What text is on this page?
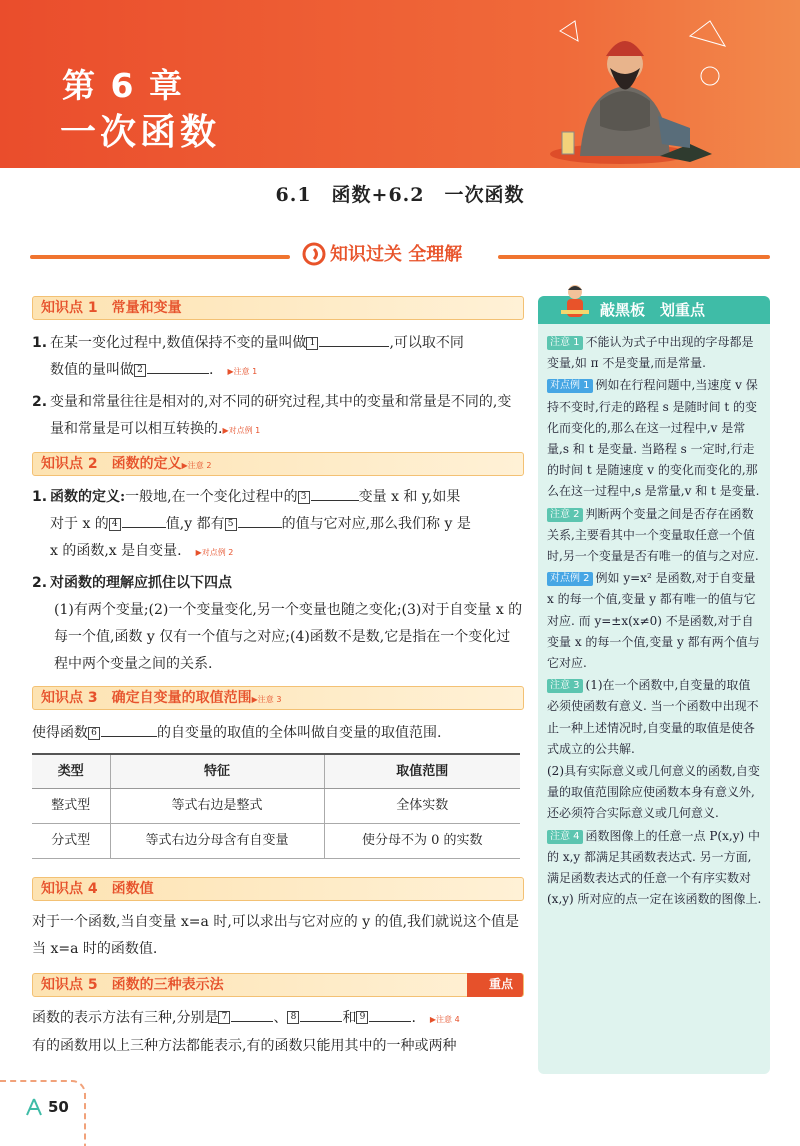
第 6 章
一次函数
6.1　函数+6.2　一次函数
知识过关 全理解
知识点 1　常量和变量
1. 在某一变化过程中,数值保持不变的量叫做 1	,可以取不同
数值的量叫做 2	.　▶注意 1
2. 变量和常量往往是相对的,对不同的研究过程,其中的变量和常量是不同的,变量和常量是可以相互转换的.▶对点例 1
知识点 2　函数的定义▶注意 2
1. 函数的定义:一般地,在一个变化过程中的 3	变量 x 和 y,如果
对于 x 的 4	值,y 都有 5	的值与它对应,那么我们称 y 是
x 的函数,x 是自变量.　 ▶对点例 2
2. 对函数的理解应抓住以下四点
(1)有两个变量;(2)一个变量变化,另一个变量也随之变化;(3)对于自变量 x 的每一个值,函数 y 仅有一个值与之对应;(4)函数不是数,它是指在一个变化过程中两个变量之间的关系.
知识点 3　确定自变量的取值范围▶注意 3
使得函数 6	的自变量的取值的全体叫做自变量的取值范围.
类型	特征	取值范围
整式型	等式右边是整式	全体实数
分式型	等式右边分母含有自变量	使分母不为 0 的实数
知识点 4　函数值
对于一个函数,当自变量 x=a 时,可以求出与它对应的 y 的值,我们就说这个值是当 x=a 时的函数值.
知识点 5　函数的三种表示法	重点
函数的表示方法有三种,分别是 7	、 8	和 9	.　 ▶注意 4
有的函数用以上三种方法都能表示,有的函数只能用其中的一种或两种
敲黑板　划重点

注意 1 不能认为式子中出现的字母都是变量,如 π 不是变量,而是常量.

对点例 1 例如在行程问题中,当速度 v 保持不变时,行走的路程 s 是随时间 t 的变化而变化的,那么在这一过程中,v 是常量,s 和 t 是变量. 当路程 s 一定时,行走的时间 t 是随速度 v 的变化而变化的,那么在这一过程中,s 是常量,v 和 t 是变量.

注意 2 判断两个变量之间是否存在函数关系,主要看其中一个变量取任意一个值时,另一个变量是否有唯一的值与之对应.

对点例 2 例如 y=x² 是函数,对于自变量 x 的每一个值,变量 y 都有唯一的值与它对应. 而 y=±x(x≠0) 不是函数,对于自变量 x 的每一个值,变量 y 都有两个值与它对应.

注意 3 (1)在一个函数中,自变量的取值必须使函数有意义. 当一个函数中出现不止一种上述情况时,自变量的取值是使各式成立的公共解.

(2)具有实际意义或几何意义的函数,自变量的取值范围除应使函数本身有意义外,还必须符合实际意义或几何意义.

注意 4 函数图像上的任意一点 P(x,y) 中的 x,y 都满足其函数表达式. 另一方面,满足函数表达式的任意一个有序实数对 (x,y) 所对应的点一定在该函数的图像上.

50
